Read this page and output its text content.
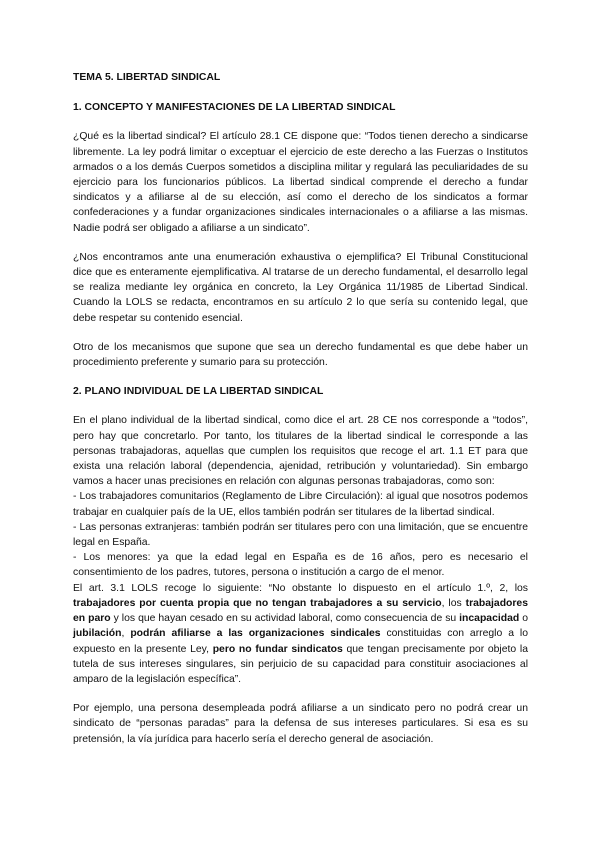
TEMA 5. LIBERTAD SINDICAL
1. CONCEPTO Y MANIFESTACIONES DE LA LIBERTAD SINDICAL
¿Qué es la libertad sindical? El artículo 28.1 CE dispone que: “Todos tienen derecho a sindicarse libremente. La ley podrá limitar o exceptuar el ejercicio de este derecho a las Fuerzas o Institutos armados o a los demás Cuerpos sometidos a disciplina militar y regulará las peculiaridades de su ejercicio para los funcionarios públicos. La libertad sindical comprende el derecho a fundar sindicatos y a afiliarse al de su elección, así como el derecho de los sindicatos a formar confederaciones y a fundar organizaciones sindicales internacionales o a afiliarse a las mismas. Nadie podrá ser obligado a afiliarse a un sindicato”.
¿Nos encontramos ante una enumeración exhaustiva o ejemplifica? El Tribunal Constitucional dice que es enteramente ejemplificativa. Al tratarse de un derecho fundamental, el desarrollo legal se realiza mediante ley orgánica en concreto, la Ley Orgánica 11/1985 de Libertad Sindical. Cuando la LOLS se redacta, encontramos en su artículo 2 lo que sería su contenido legal, que debe respetar su contenido esencial.
Otro de los mecanismos que supone que sea un derecho fundamental es que debe haber un procedimiento preferente y sumario para su protección.
2. PLANO INDIVIDUAL DE LA LIBERTAD SINDICAL
En el plano individual de la libertad sindical, como dice el art. 28 CE nos corresponde a “todos”, pero hay que concretarlo. Por tanto, los titulares de la libertad sindical le corresponde a las personas trabajadoras, aquellas que cumplen los requisitos que recoge el art. 1.1 ET para que exista una relación laboral (dependencia, ajenidad, retribución y voluntariedad). Sin embargo vamos a hacer unas precisiones en relación con algunas personas trabajadoras, como son:
- Los trabajadores comunitarios (Reglamento de Libre Circulación): al igual que nosotros podemos trabajar en cualquier país de la UE, ellos también podrán ser titulares de la libertad sindical.
- Las personas extranjeras: también podrán ser titulares pero con una limitación, que se encuentre legal en España.
- Los menores: ya que la edad legal en España es de 16 años, pero es necesario el consentimiento de los padres, tutores, persona o institución a cargo de el menor.
El art. 3.1 LOLS recoge lo siguiente: “No obstante lo dispuesto en el artículo 1.º, 2, los trabajadores por cuenta propia que no tengan trabajadores a su servicio, los trabajadores en paro y los que hayan cesado en su actividad laboral, como consecuencia de su incapacidad o jubilación, podrán afiliarse a las organizaciones sindicales constituidas con arreglo a lo expuesto en la presente Ley, pero no fundar sindicatos que tengan precisamente por objeto la tutela de sus intereses singulares, sin perjuicio de su capacidad para constituir asociaciones al amparo de la legislación específica”.
Por ejemplo, una persona desempleada podrá afiliarse a un sindicato pero no podrá crear un sindicato de “personas paradas” para la defensa de sus intereses particulares. Si esa es su pretensión, la vía jurídica para hacerlo sería el derecho general de asociación.
